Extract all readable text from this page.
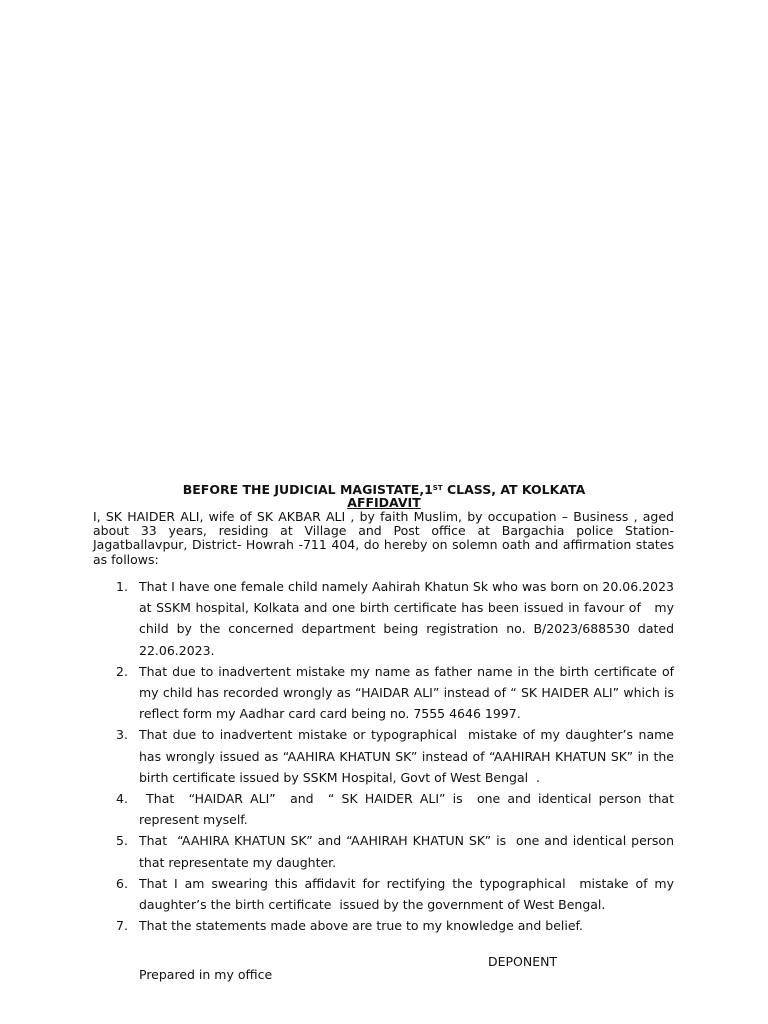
BEFORE THE JUDICIAL MAGISTATE,1ST CLASS, AT KOLKATA
AFFIDAVIT
I, SK HAIDER ALI, wife of SK AKBAR ALI , by faith Muslim, by occupation – Business , aged about 33 years, residing at Village and Post office at Bargachia police Station-Jagatballavpur, District- Howrah -711 404, do hereby on solemn oath and affirmation states as follows:
1. That I have one female child namely Aahirah Khatun Sk who was born on 20.06.2023 at SSKM hospital, Kolkata and one birth certificate has been issued in favour of   my child by the concerned department being registration no. B/2023/688530 dated 22.06.2023.
2. That due to inadvertent mistake my name as father name in the birth certificate of my child has recorded wrongly as “HAIDAR ALI” instead of “ SK HAIDER ALI” which is reflect form my Aadhar card card being no. 7555 4646 1997.
3. That due to inadvertent mistake or typographical  mistake of my daughter’s name has wrongly issued as “AAHIRA KHATUN SK” instead of “AAHIRAH KHATUN SK” in the birth certificate issued by SSKM Hospital, Govt of West Bengal  .
4. That  “HAIDAR ALI”  and  “ SK HAIDER ALI” is  one and identical person that represent myself.
5. That  “AAHIRA KHATUN SK” and “AAHIRAH KHATUN SK” is  one and identical person that representate my daughter.
6. That I am swearing this affidavit for rectifying the typographical  mistake of my daughter’s the birth certificate  issued by the government of West Bengal.
7. That the statements made above are true to my knowledge and belief.
DEPONENT
Prepared in my office
